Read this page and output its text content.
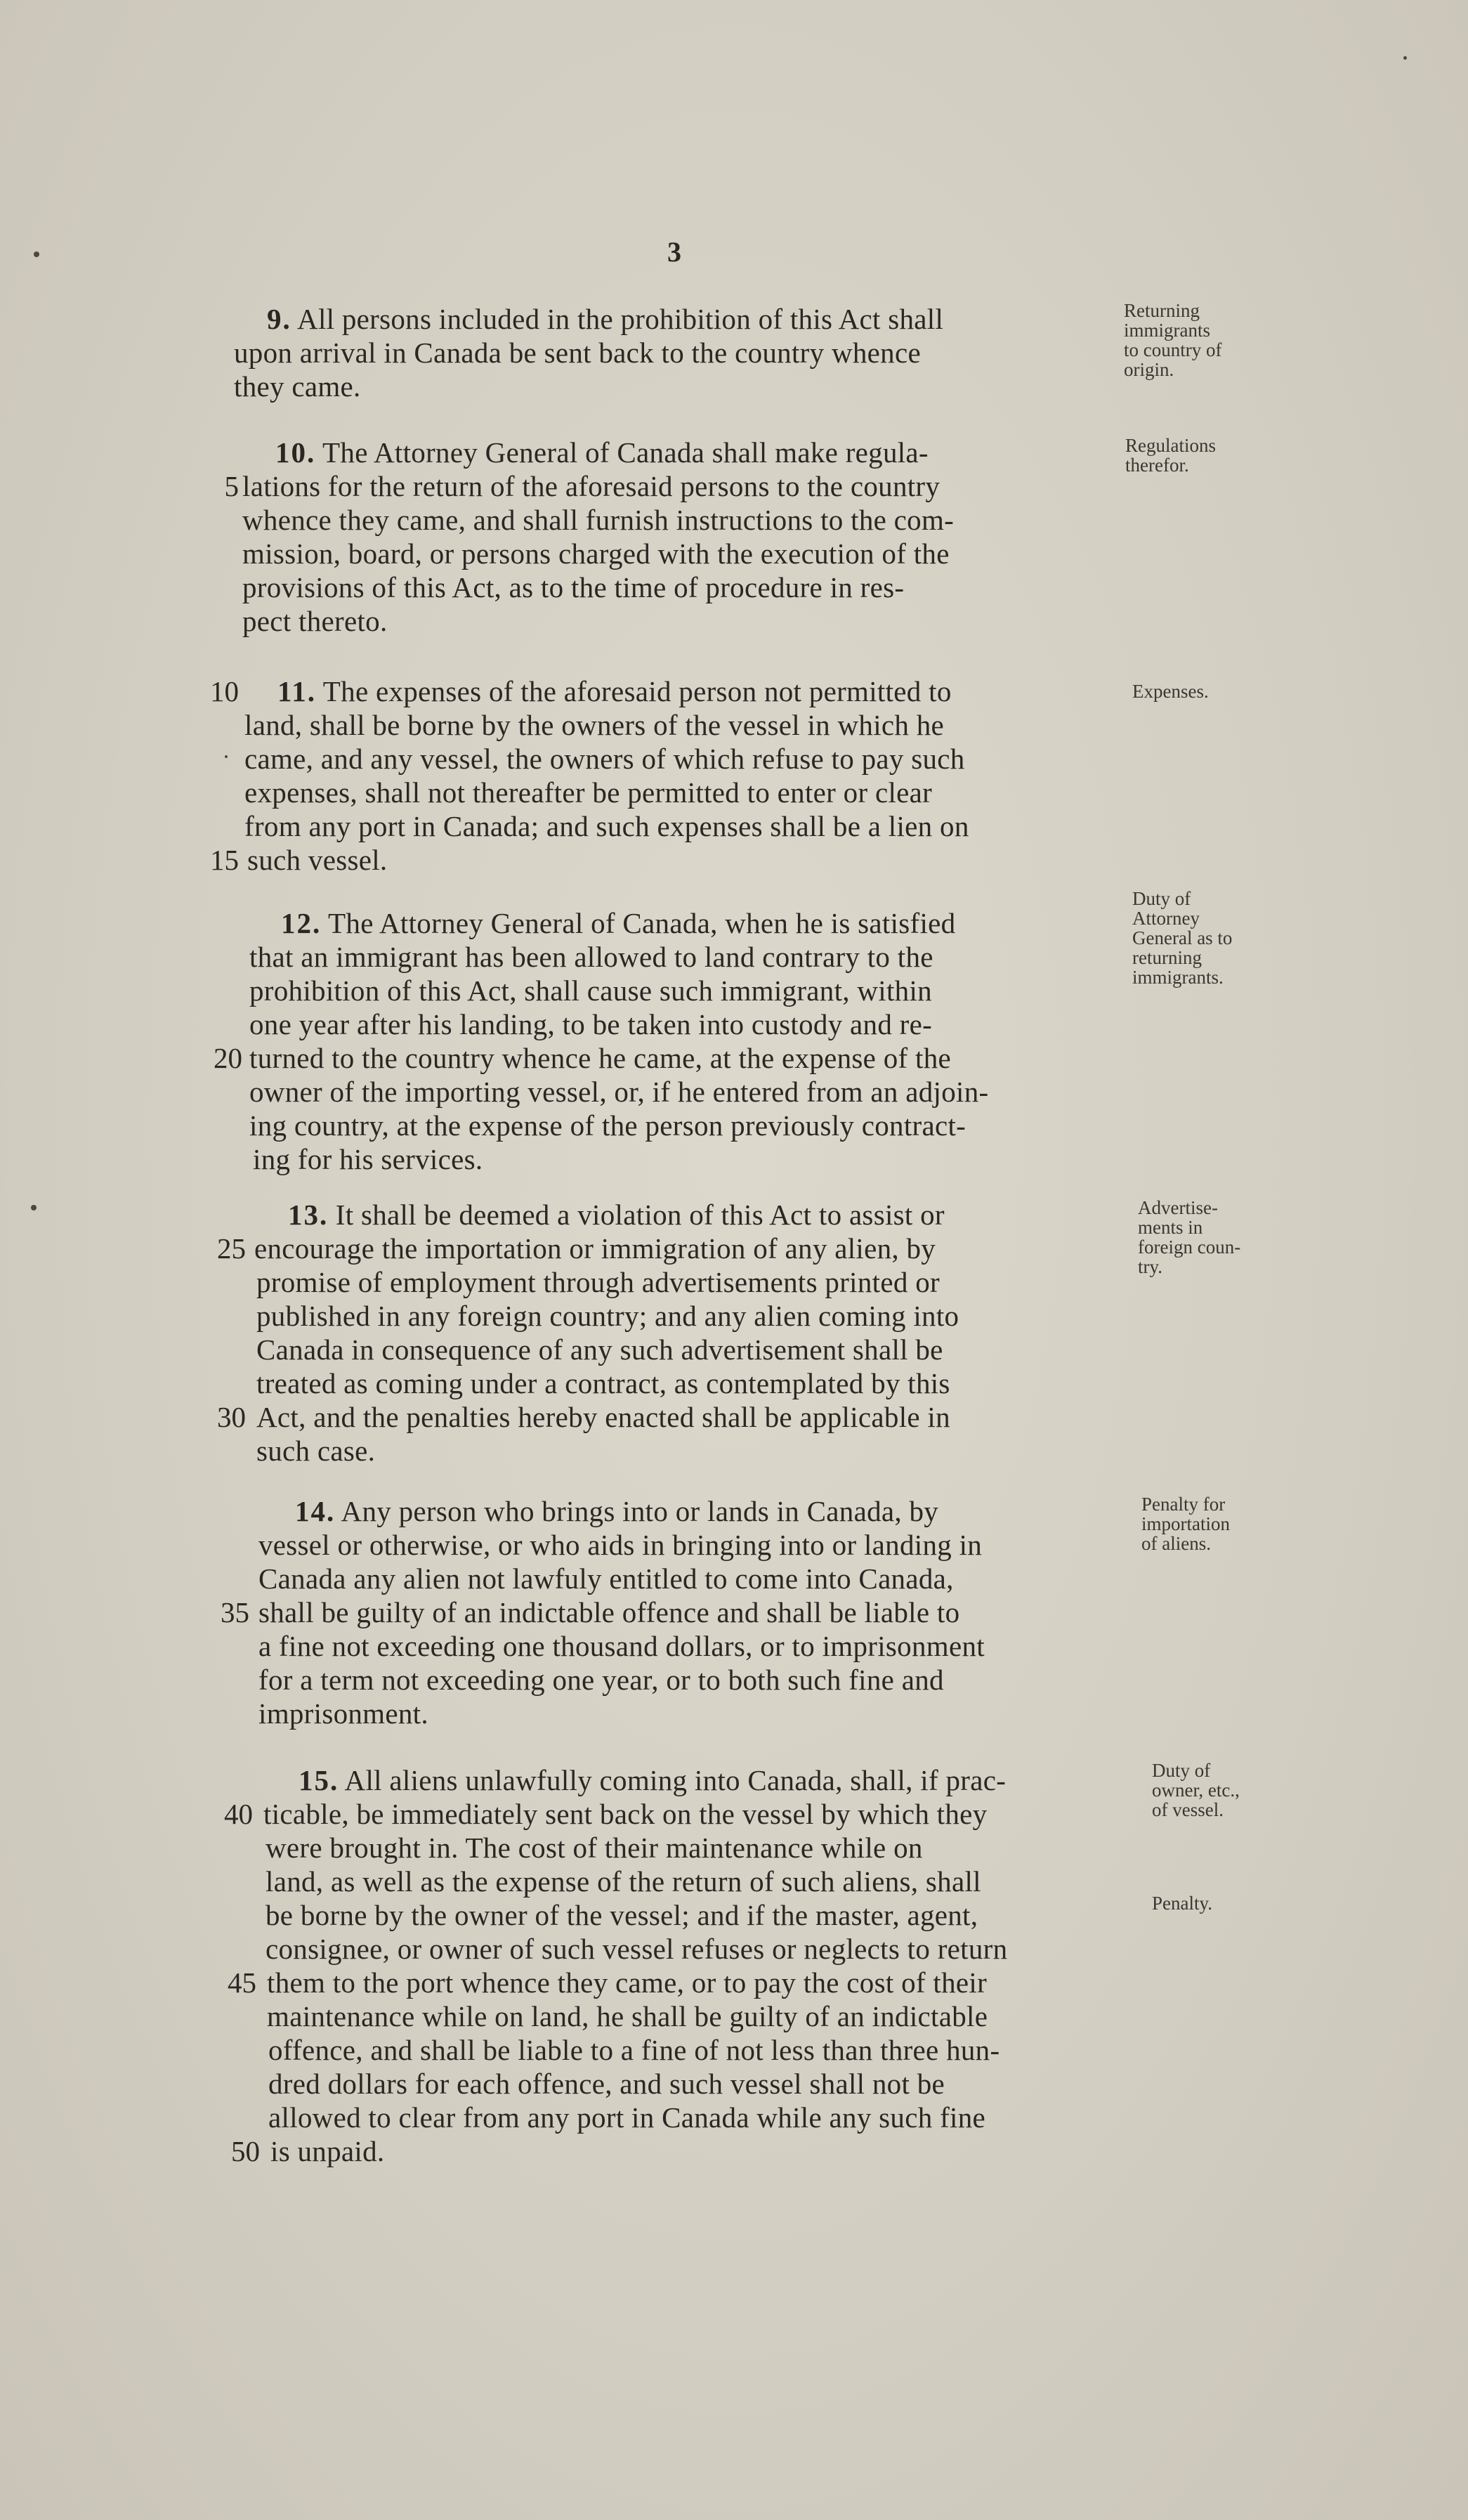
3
9. All persons included in the prohibition of this Act shall
upon arrival in Canada be sent back to the country whence
they came.
Returning
immigrants
to country of
origin.
10. The Attorney General of Canada shall make regula-
5 lations for the return of the aforesaid persons to the country
whence they came, and shall furnish instructions to the com-
mission, board, or persons charged with the execution of the
provisions of this Act, as to the time of procedure in res-
pect thereto.
Regulations
therefor.
10 11. The expenses of the aforesaid person not permitted to
land, shall be borne by the owners of the vessel in which he
came, and any vessel, the owners of which refuse to pay such
expenses, shall not thereafter be permitted to enter or clear
from any port in Canada; and such expenses shall be a lien on
15 such vessel.
Expenses.
12. The Attorney General of Canada, when he is satisfied
that an immigrant has been allowed to land contrary to the
prohibition of this Act, shall cause such immigrant, within
one year after his landing, to be taken into custody and re-
20 turned to the country whence he came, at the expense of the
owner of the importing vessel, or, if he entered from an adjoin-
ing country, at the expense of the person previously contract-
ing for his services.
Duty of
Attorney
General as to
returning
immigrants.
13. It shall be deemed a violation of this Act to assist or
25 encourage the importation or immigration of any alien, by
promise of employment through advertisements printed or
published in any foreign country; and any alien coming into
Canada in consequence of any such advertisement shall be
treated as coming under a contract, as contemplated by this
30 Act, and the penalties hereby enacted shall be applicable in
such case.
Advertise-
ments in
foreign coun-
try.
14. Any person who brings into or lands in Canada, by
vessel or otherwise, or who aids in bringing into or landing in
Canada any alien not lawfuly entitled to come into Canada,
35 shall be guilty of an indictable offence and shall be liable to
a fine not exceeding one thousand dollars, or to imprisonment
for a term not exceeding one year, or to both such fine and
imprisonment.
Penalty for
importation
of aliens.
15. All aliens unlawfully coming into Canada, shall, if prac-
40 ticable, be immediately sent back on the vessel by which they
were brought in. The cost of their maintenance while on
land, as well as the expense of the return of such aliens, shall
be borne by the owner of the vessel; and if the master, agent,
consignee, or owner of such vessel refuses or neglects to return
45 them to the port whence they came, or to pay the cost of their
maintenance while on land, he shall be guilty of an indictable
offence, and shall be liable to a fine of not less than three hun-
dred dollars for each offence, and such vessel shall not be
allowed to clear from any port in Canada while any such fine
50 is unpaid.
Duty of
owner, etc.,
of vessel.
Penalty.
